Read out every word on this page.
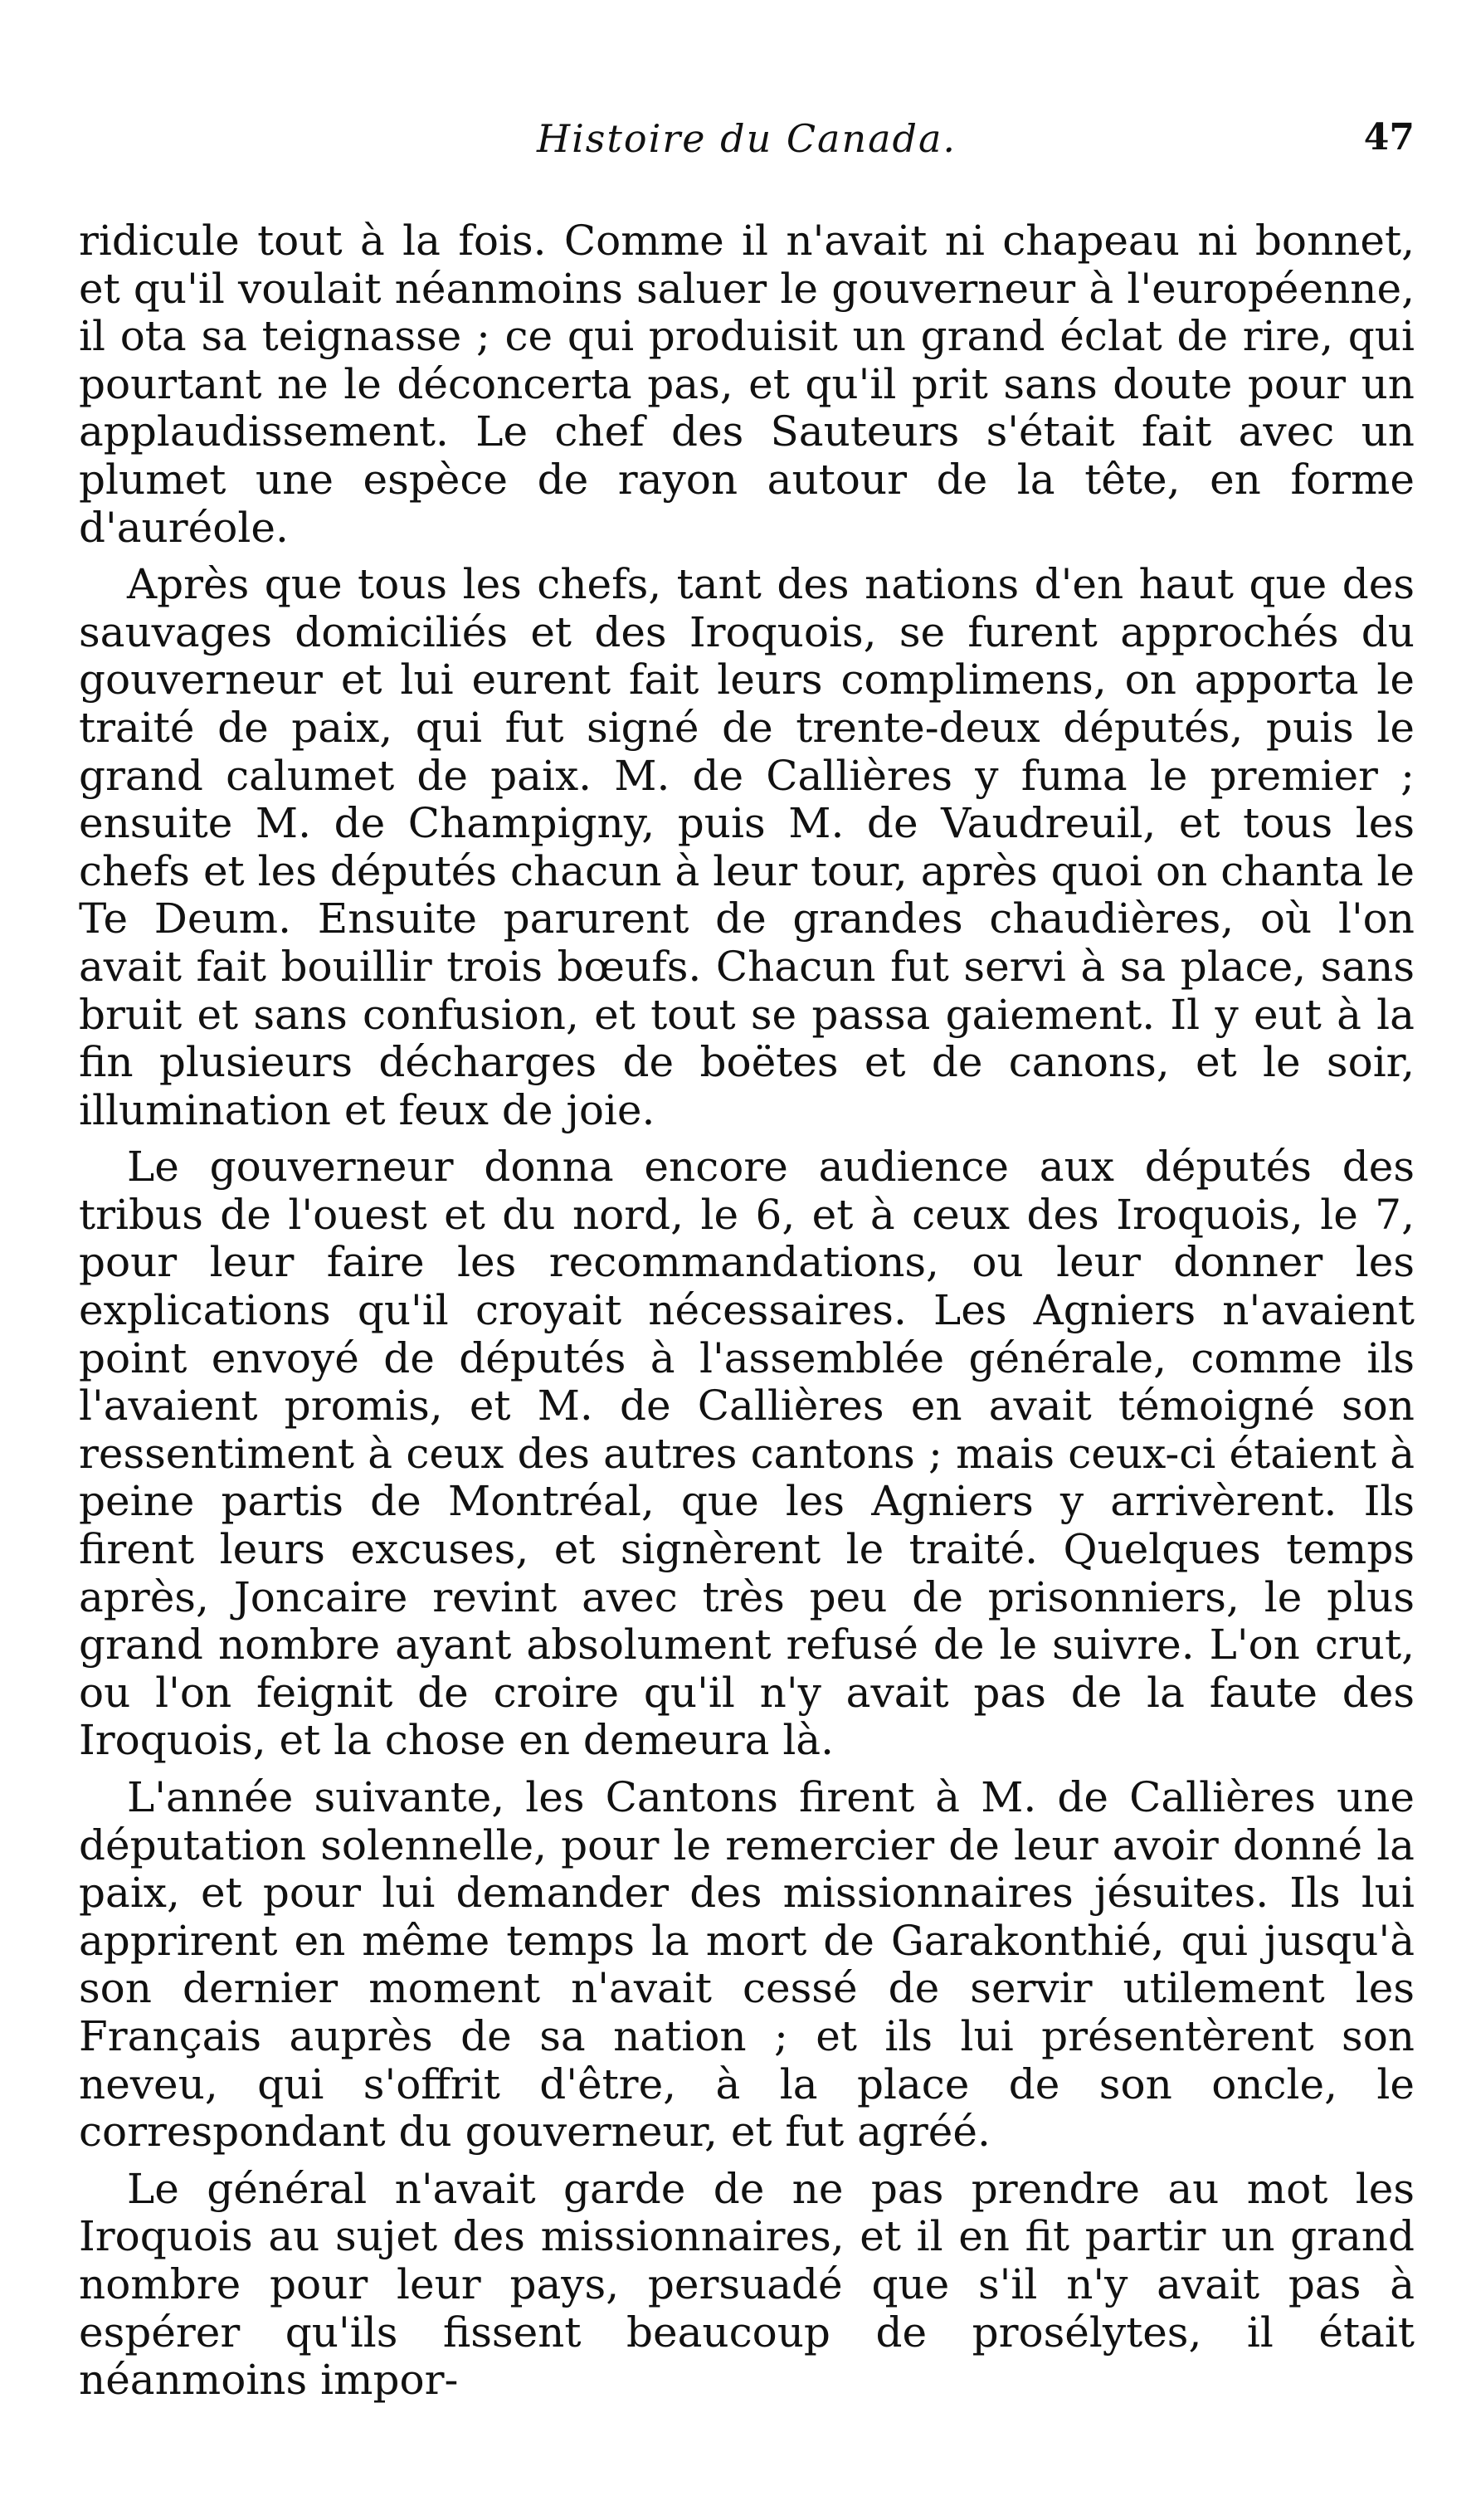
Histoire du Canada.	47

ridicule tout à la fois. Comme il n'avait ni chapeau ni bonnet, et qu'il voulait néanmoins saluer le gouverneur à l'européenne, il ota sa teignasse ; ce qui produisit un grand éclat de rire, qui pourtant ne le déconcerta pas, et qu'il prit sans doute pour un applaudissement. Le chef des Sauteurs s'était fait avec un plumet une espèce de rayon autour de la tête, en forme d'auréole.

Après que tous les chefs, tant des nations d'en haut que des sauvages domiciliés et des Iroquois, se furent approchés du gouverneur et lui eurent fait leurs complimens, on apporta le traité de paix, qui fut signé de trente-deux députés, puis le grand calumet de paix. M. de Callières y fuma le premier ; ensuite M. de Champigny, puis M. de Vaudreuil, et tous les chefs et les députés chacun à leur tour, après quoi on chanta le Te Deum. Ensuite parurent de grandes chaudières, où l'on avait fait bouillir trois bœufs. Chacun fut servi à sa place, sans bruit et sans confusion, et tout se passa gaiement. Il y eut à la fin plusieurs décharges de boëtes et de canons, et le soir, illumination et feux de joie.

Le gouverneur donna encore audience aux députés des tribus de l'ouest et du nord, le 6, et à ceux des Iroquois, le 7, pour leur faire les recommandations, ou leur donner les explications qu'il croyait nécessaires. Les Agniers n'avaient point envoyé de députés à l'assemblée générale, comme ils l'avaient promis, et M. de Callières en avait témoigné son ressentiment à ceux des autres cantons ; mais ceux-ci étaient à peine partis de Montréal, que les Agniers y arrivèrent. Ils firent leurs excuses, et signèrent le traité. Quelques temps après, Joncaire revint avec très peu de prisonniers, le plus grand nombre ayant absolument refusé de le suivre. L'on crut, ou l'on feignit de croire qu'il n'y avait pas de la faute des Iroquois, et la chose en demeura là.

L'année suivante, les Cantons firent à M. de Callières une députation solennelle, pour le remercier de leur avoir donné la paix, et pour lui demander des missionnaires jésuites. Ils lui apprirent en même temps la mort de Garakonthié, qui jusqu'à son dernier moment n'avait cessé de servir utilement les Français auprès de sa nation ; et ils lui présentèrent son neveu, qui s'offrit d'être, à la place de son oncle, le correspondant du gouverneur, et fut agréé.

Le général n'avait garde de ne pas prendre au mot les Iroquois au sujet des missionnaires, et il en fit partir un grand nombre pour leur pays, persuadé que s'il n'y avait pas à espérer qu'ils fissent beaucoup de prosélytes, il était néanmoins impor-
